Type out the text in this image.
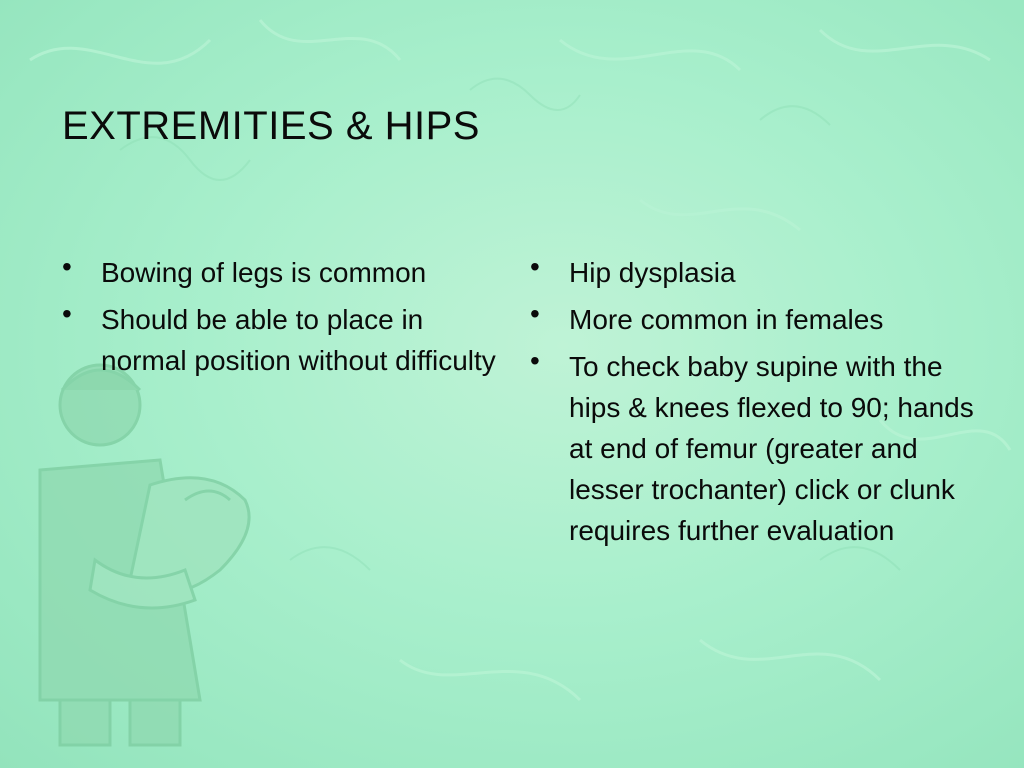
EXTREMITIES & HIPS
• Bowing of legs is common
• Should be able to place in normal position without difficulty
• Hip dysplasia
• More common in females
• To check baby supine with the hips & knees flexed to 90; hands at end of femur (greater and lesser trochanter) click or clunk requires further evaluation
